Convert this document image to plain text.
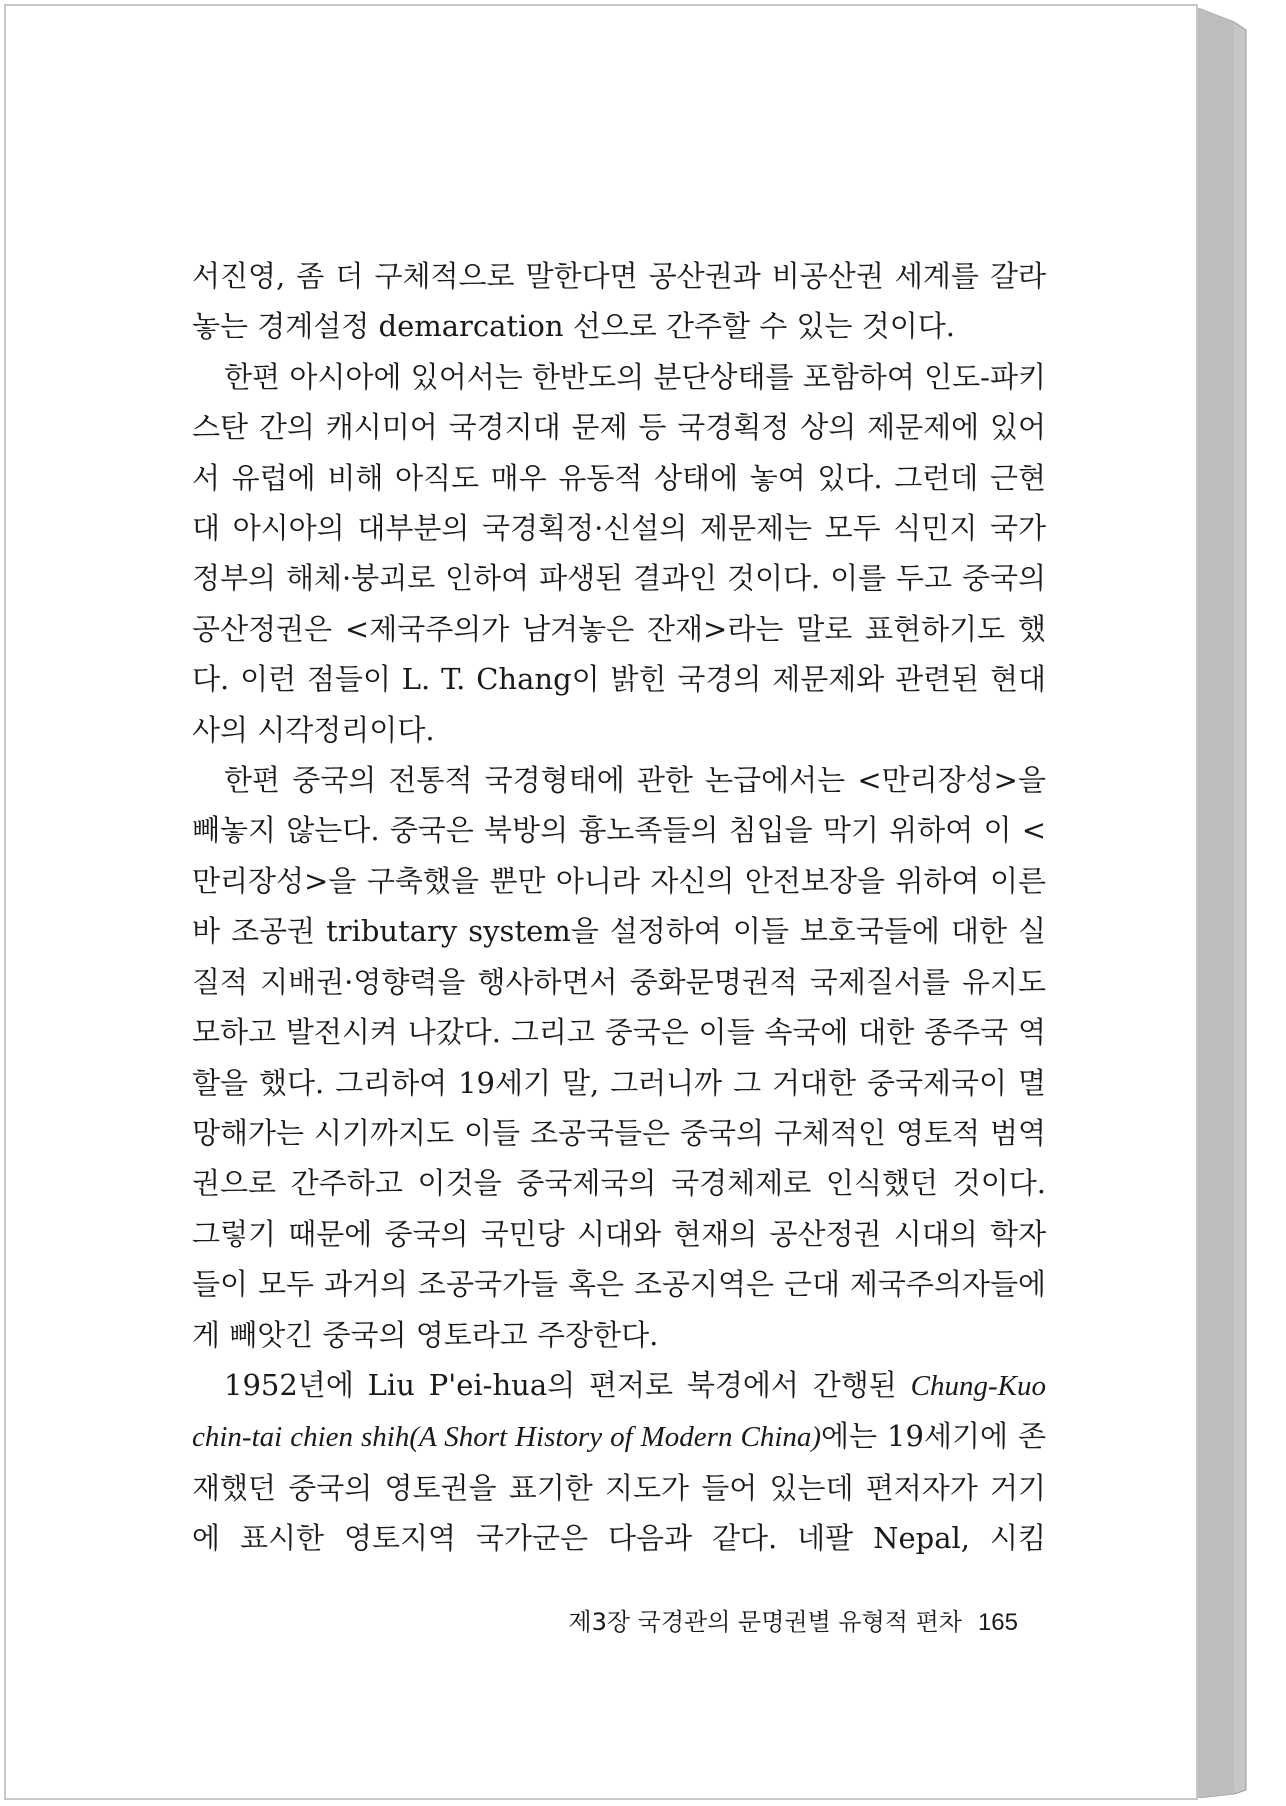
서진영, 좀 더 구체적으로 말한다면 공산권과 비공산권 세계를 갈라 놓는 경계설정 demarcation 선으로 간주할 수 있는 것이다.

한편 아시아에 있어서는 한반도의 분단상태를 포함하여 인도-파키스탄 간의 캐시미어 국경지대 문제 등 국경획정 상의 제문제에 있어서 유럽에 비해 아직도 매우 유동적 상태에 놓여 있다. 그런데 근현대 아시아의 대부분의 국경획정·신설의 제문제는 모두 식민지 국가정부의 해체·붕괴로 인하여 파생된 결과인 것이다. 이를 두고 중국의 공산정권은 <제국주의가 남겨놓은 잔재>라는 말로 표현하기도 했다. 이런 점들이 L. T. Chang이 밝힌 국경의 제문제와 관련된 현대사의 시각정리이다.

한편 중국의 전통적 국경형태에 관한 논급에서는 <만리장성>을 빼놓지 않는다. 중국은 북방의 흉노족들의 침입을 막기 위하여 이 <만리장성>을 구축했을 뿐만 아니라 자신의 안전보장을 위하여 이른바 조공권 tributary system을 설정하여 이들 보호국들에 대한 실질적 지배권·영향력을 행사하면서 중화문명권적 국제질서를 유지도모하고 발전시켜 나갔다. 그리고 중국은 이들 속국에 대한 종주국 역할을 했다. 그리하여 19세기 말, 그러니까 그 거대한 중국제국이 멸망해가는 시기까지도 이들 조공국들은 중국의 구체적인 영토적 범역권으로 간주하고 이것을 중국제국의 국경체제로 인식했던 것이다. 그렇기 때문에 중국의 국민당 시대와 현재의 공산정권 시대의 학자들이 모두 과거의 조공국가들 혹은 조공지역은 근대 제국주의자들에게 빼앗긴 중국의 영토라고 주장한다.

1952년에 Liu P'ei-hua의 편저로 북경에서 간행된 Chung-Kuo chin-tai chien shih(A Short History of Modern China)에는 19세기에 존재했던 중국의 영토권을 표기한 지도가 들어 있는데 편저자가 거기에 표시한 영토지역 국가군은 다음과 같다. 네팔 Nepal, 시킴

제3장 국경관의 문명권별 유형적 편차 165
